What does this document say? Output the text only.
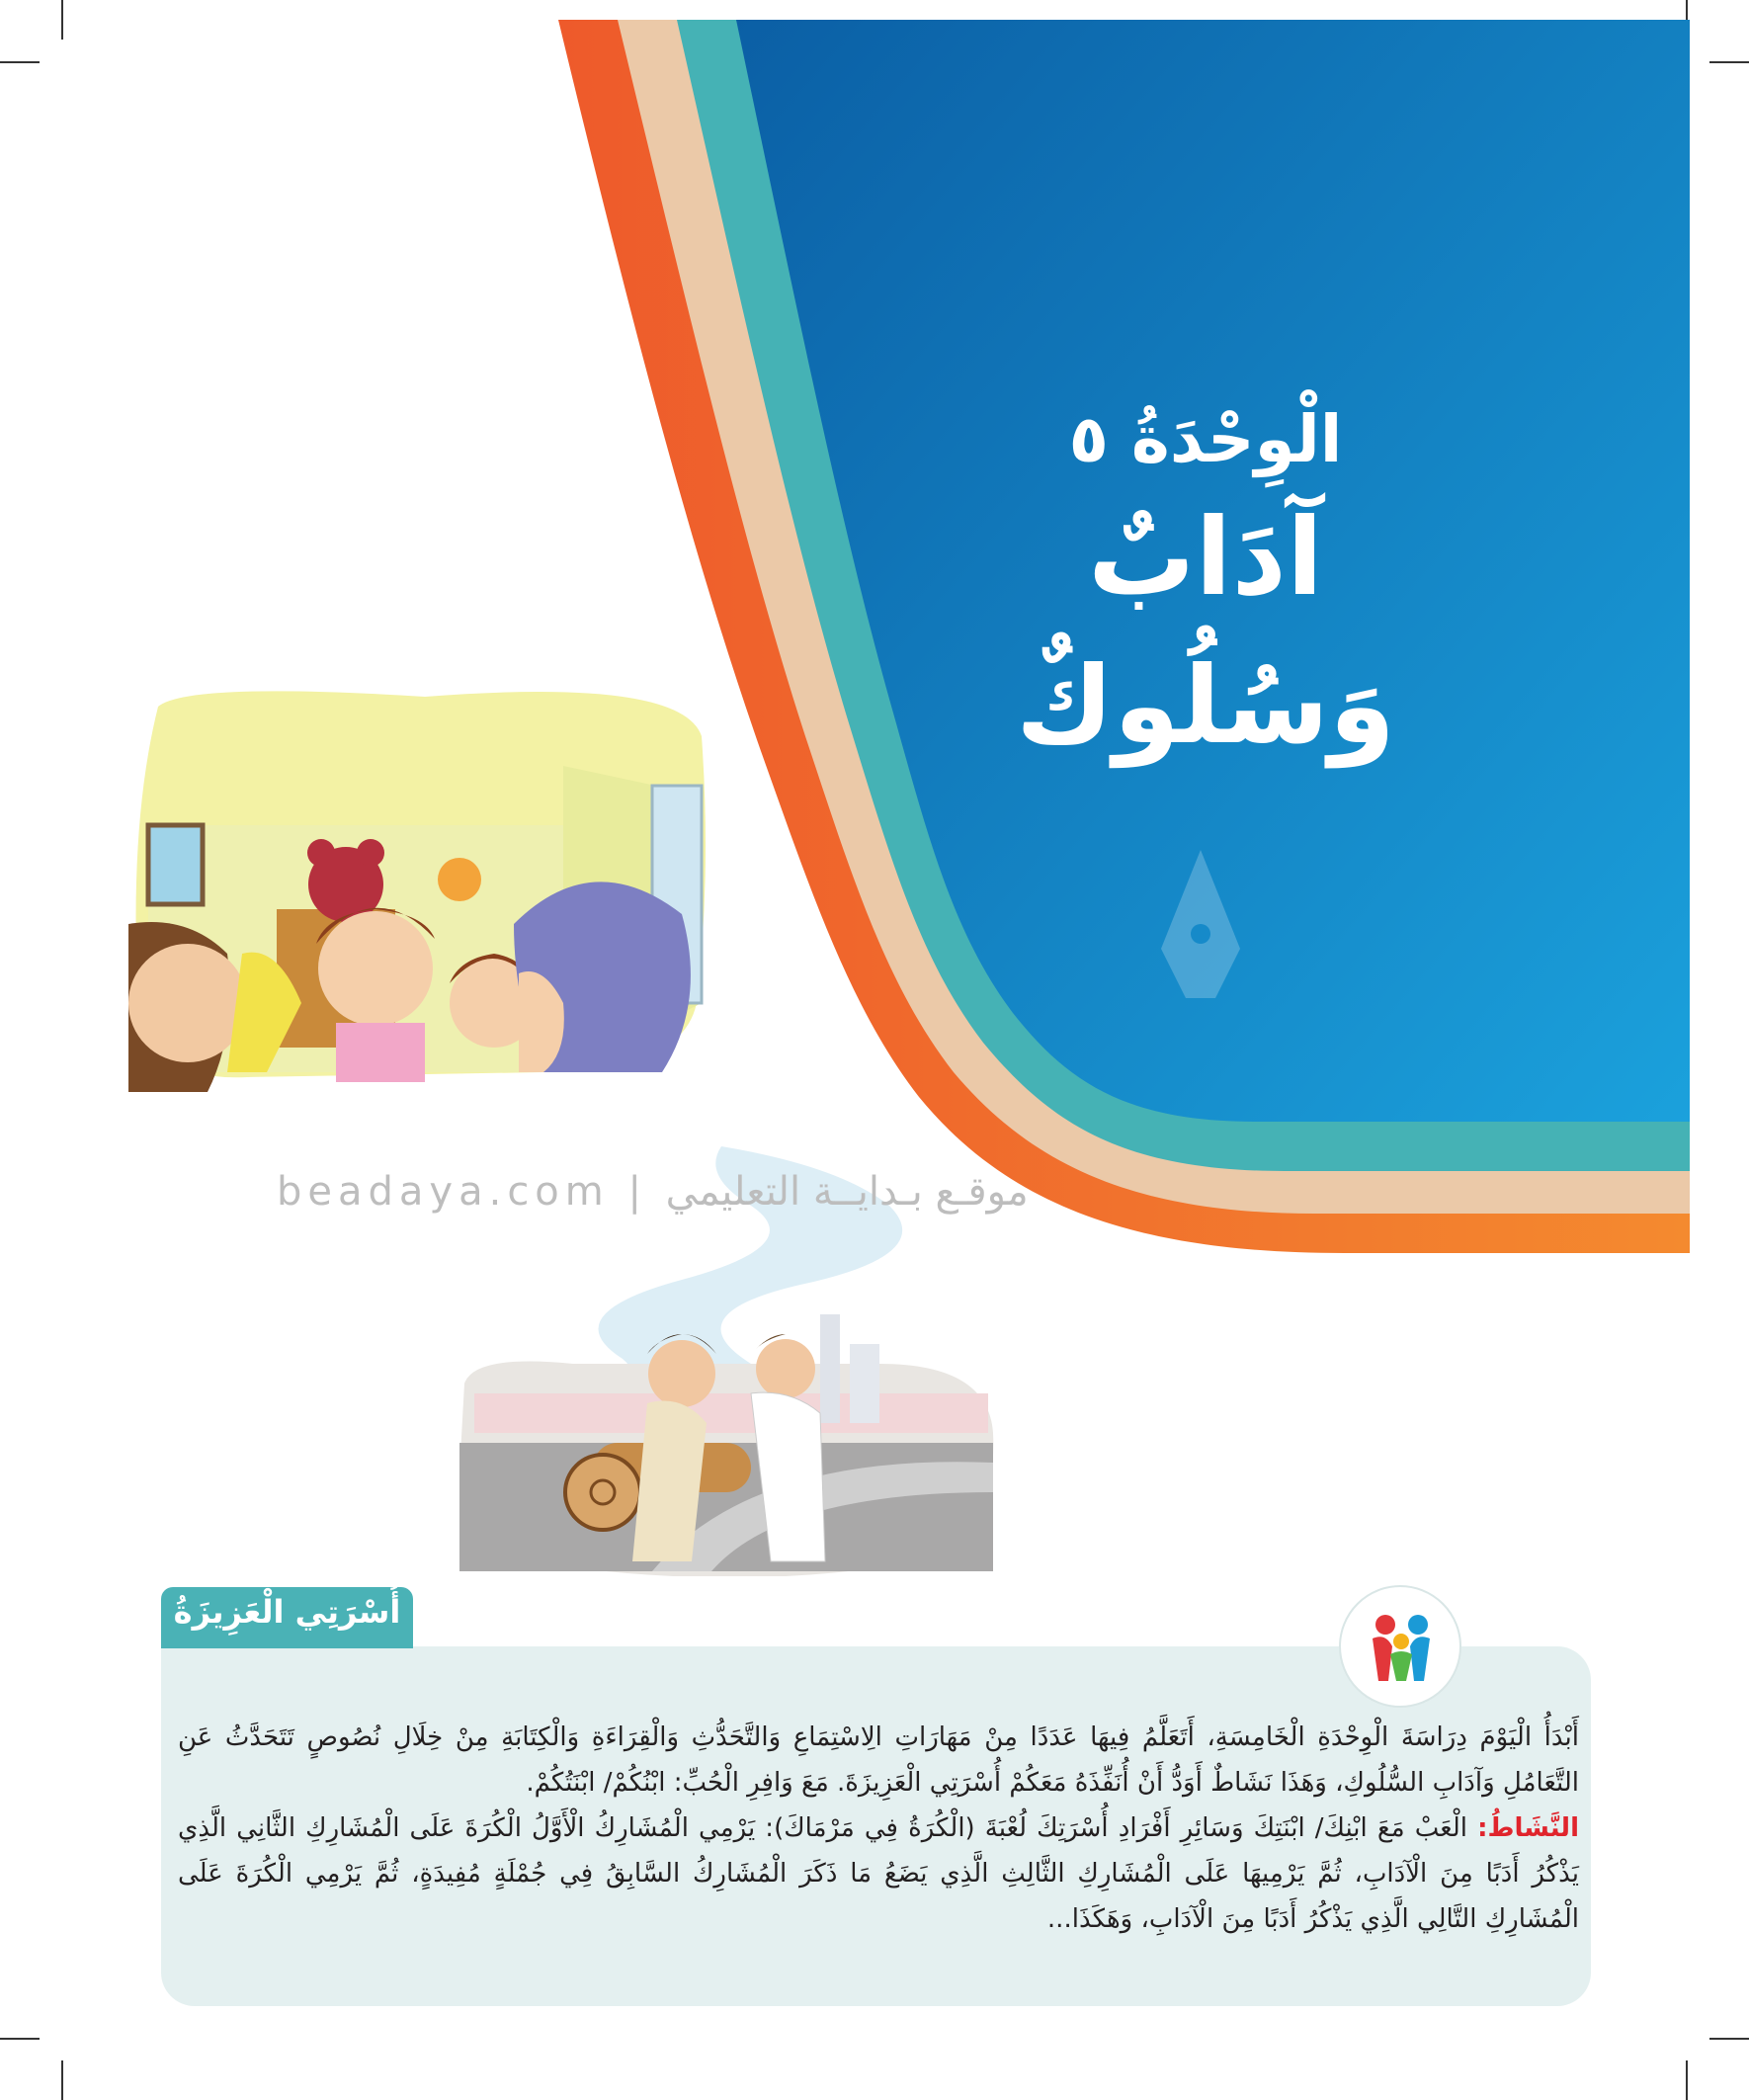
الْوِحْدَةُ ٥
آدَابٌ
وَسُلُوكٌ
beadaya.com | موقـع بـدايــة التعليمي
أُسْرَتِي الْعَزِيزَةُ

أَبْدَأُ الْيَوْمَ دِرَاسَةَ الْوِحْدَةِ الْخَامِسَةِ، أَتَعَلَّمُ فِيهَا عَدَدًا مِنْ مَهَارَاتِ الِاسْتِمَاعِ وَالتَّحَدُّثِ وَالْقِرَاءَةِ وَالْكِتَابَةِ مِنْ خِلَالِ نُصُوصٍ تَتَحَدَّثُ عَنِ التَّعَامُلِ وَآدَابِ السُّلُوكِ، وَهَذَا نَشَاطٌ أَوَدُّ أَنْ أُنَفِّذَهُ مَعَكُمْ أُسْرَتِي الْعَزِيزَةَ. مَعَ وَافِرِ الْحُبِّ: ابْنُكُمْ/ ابْنَتُكُمْ.

النَّشَاطُ: الْعَبْ مَعَ ابْنِكَ/ ابْنَتِكَ وَسَائِرِ أَفْرَادِ أُسْرَتِكَ لُعْبَةَ (الْكُرَةُ فِي مَرْمَاكَ): يَرْمِي الْمُشَارِكُ الْأَوَّلُ الْكُرَةَ عَلَى الْمُشَارِكِ الثَّانِي الَّذِي يَذْكُرُ أَدَبًا مِنَ الْآدَابِ، ثُمَّ يَرْمِيهَا عَلَى الْمُشَارِكِ الثَّالِثِ الَّذِي يَضَعُ مَا ذَكَرَ الْمُشَارِكُ السَّابِقُ فِي جُمْلَةٍ مُفِيدَةٍ، ثُمَّ يَرْمِي الْكُرَةَ عَلَى الْمُشَارِكِ التَّالِي الَّذِي يَذْكُرُ أَدَبًا مِنَ الْآدَابِ، وَهَكَذَا...
